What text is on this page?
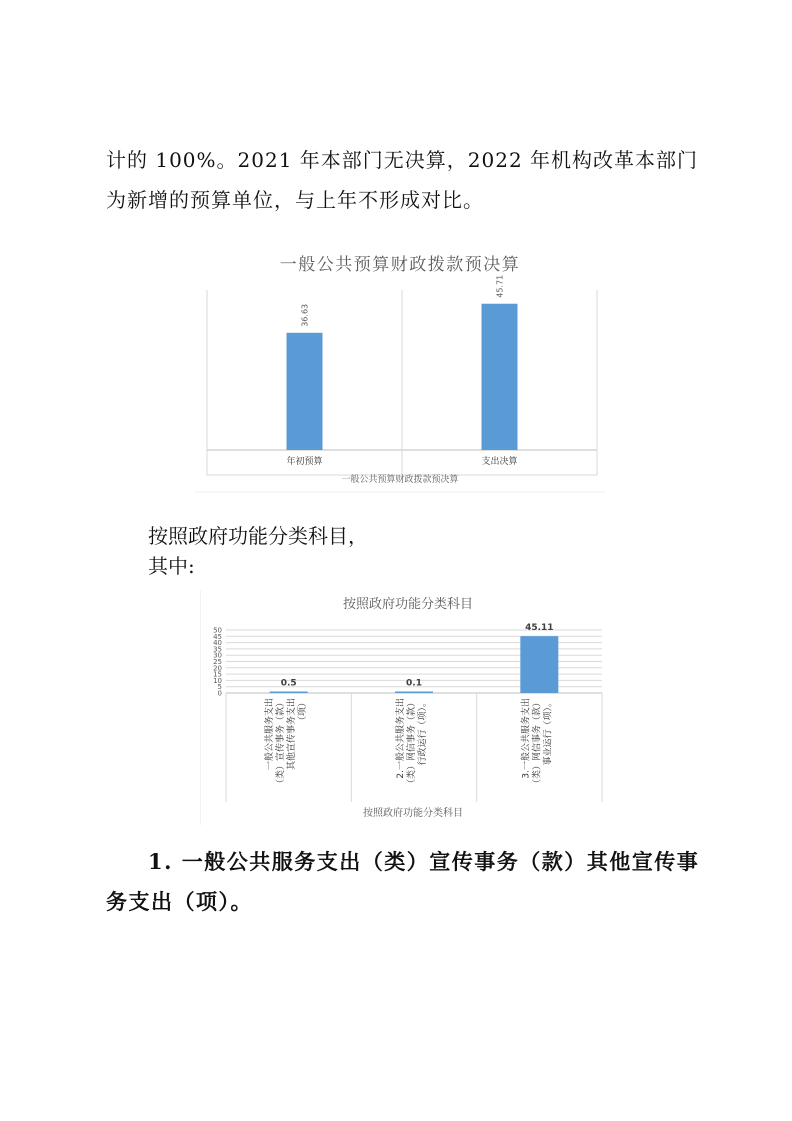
计的 100%。2021 年本部门无决算，2022 年机构改革本部门为新增的预算单位，与上年不形成对比。

一般公共预算财政拨款预决算
一般公共预算财政拨款预决算
36.63
年初预算
45.71
支出决算

按照政府功能分类科目，

其中:

按照政府功能分类科目
按照政府功能分类科目
0
5
10
15
20
25
30
35
40
45
50
0.5
一般公共服务支出 （类）宣传事务（款） 其他宣传事务支出 （项）
0.1
2.一般公共服务支出 （类）网信事务（款） 行政运行（项）。
45.11
3.一般公共服务支出 （类）网信事务（款） 事业运行（项）。

1. 一般公共服务支出（类）宣传事务（款）其他宣传事务支出（项）。
